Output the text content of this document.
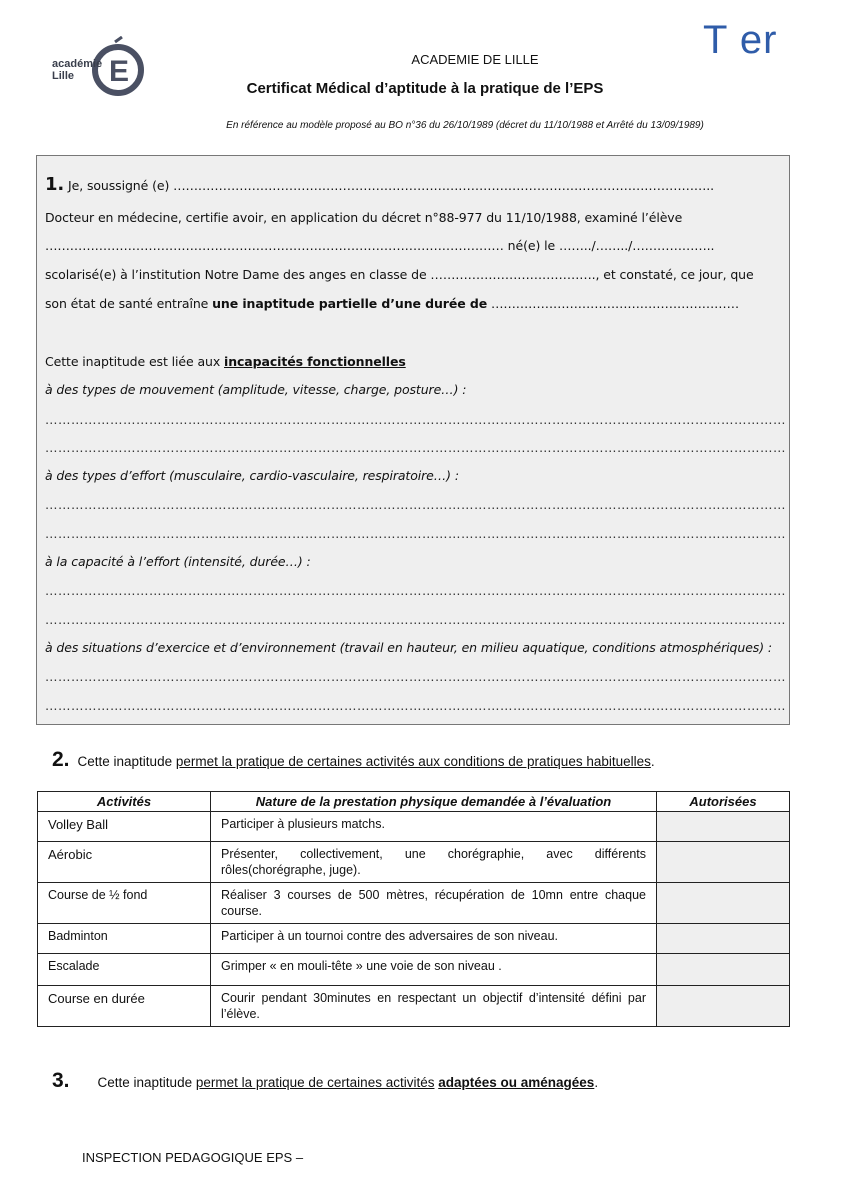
E
académie Lille
ACADEMIE DE LILLE
Certificat Médical d’aptitude à la pratique de l’EPS
En référence au modèle proposé au BO n°36 du 26/10/1989 (décret du 11/10/1988 et Arrêté du 13/09/1989)
T er
1. Je, soussigné (e) …………………………………………………………………………………………………………………..
Docteur en médecine, certifie avoir, en application du décret n°88-977 du 11/10/1988, examiné l’élève
………………………………………………………………………………………………… né(e) le ……../……../………………..
scolarisé(e) à l’institution Notre Dame des anges en classe de …………………………………., et constaté, ce jour, que
son état de santé entraîne une inaptitude partielle d’une durée de ……………………………………………………
Cette inaptitude est liée aux incapacités fonctionnelles
à des types de mouvement (amplitude, vitesse, charge, posture…) :
………………………………………………………………………………………………………………………………………………………
………………………………………………………………………………………………………………………………………………………
à des types d’effort (musculaire, cardio-vasculaire, respiratoire…) :
………………………………………………………………………………………………………………………………………………………
………………………………………………………………………………………………………………………………………………………
à la capacité à l’effort (intensité, durée…) :
………………………………………………………………………………………………………………………………………………………
………………………………………………………………………………………………………………………………………………………
à des situations d’exercice et d’environnement (travail en hauteur, en milieu aquatique, conditions atmosphériques) :
………………………………………………………………………………………………………………………………………………………
………………………………………………………………………………………………………………………………………………………
2. Cette inaptitude permet la pratique de certaines activités aux conditions de pratiques habituelles.
Activités	Nature de la prestation physique demandée à l’évaluation	Autorisées
Volley Ball	Participer à plusieurs matchs.	
Aérobic	Présenter, collectivement, une chorégraphie, avec différents rôles(chorégraphe, juge).	
Course de ½ fond	Réaliser 3 courses de 500 mètres, récupération de 10mn entre chaque course.	
Badminton	Participer à un tournoi contre des adversaires de son niveau.	
Escalade	Grimper « en mouli-tête » une voie de son niveau .	
Course en durée	Courir pendant 30minutes en respectant un objectif d’intensité défini par l’élève.	
3. Cette inaptitude permet la pratique de certaines activités adaptées ou aménagées.
INSPECTION PEDAGOGIQUE EPS –
